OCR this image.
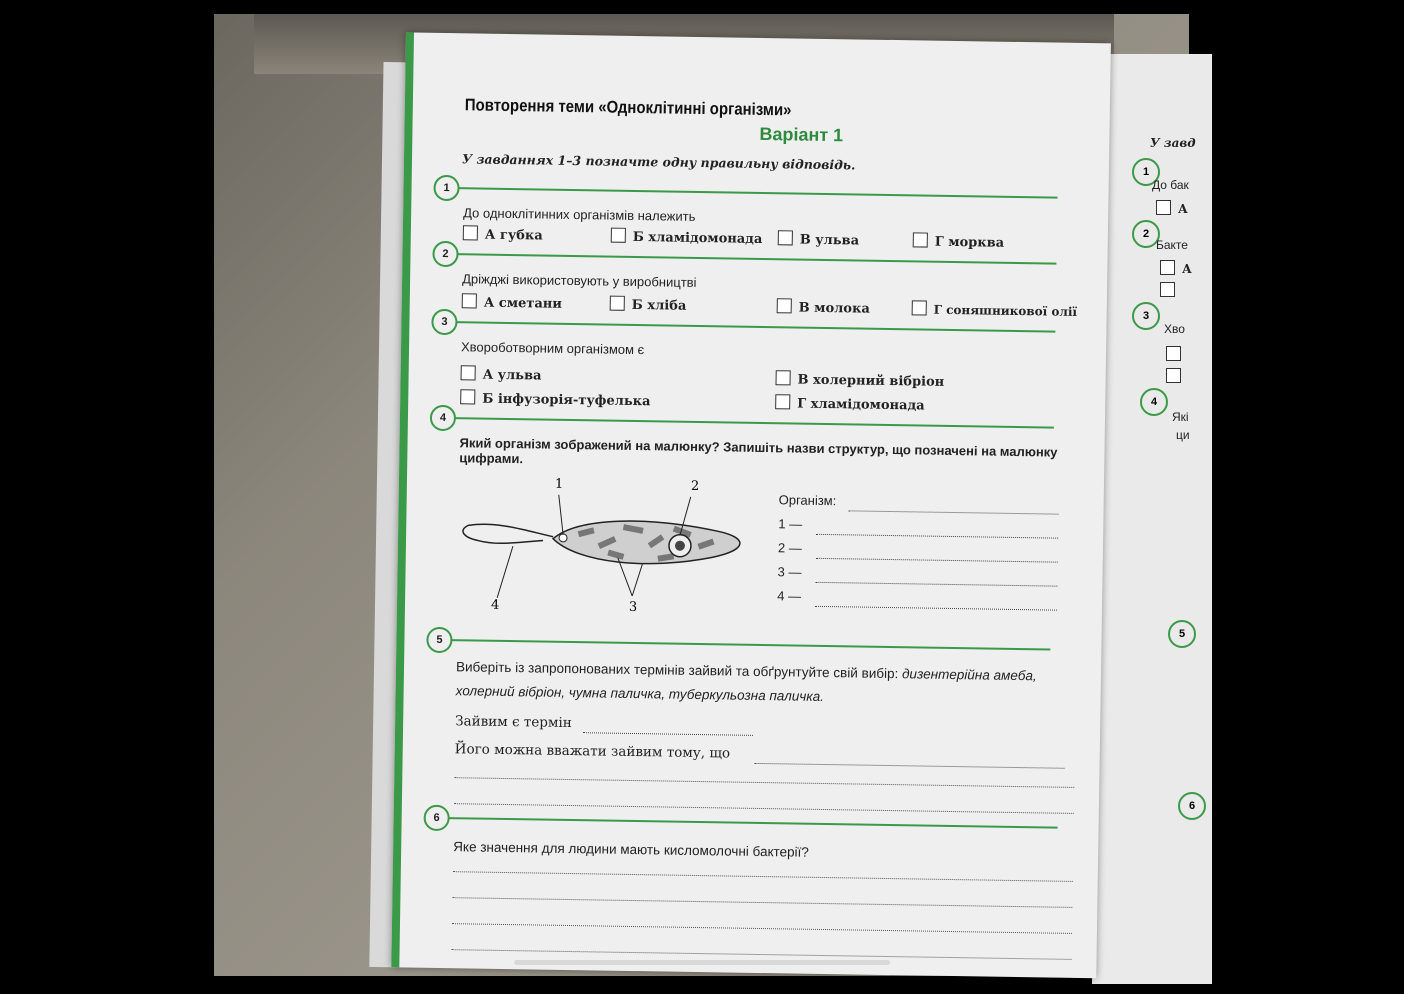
У завд
1
До бак
А
2
Бакте
А
3
Хво
4
Які
ци
5
6
Повторення теми «Одноклітинні організми»
Варіант 1
У завданнях 1–3 позначте одну правильну відповідь.
1
До одноклітинних організмів належить
А губка	Б хламідомонада	В ульва	Г морква
2
Дріжджі використовують у виробництві
А сметани	Б хліба	В молока	Г соняшникової олії
3
Хвороботворним організмом є
А ульва
Б інфузорія-туфелька
В холерний вібріон
Г хламідомонада
4
Який організм зображений на малюнку? Запишіть назви структур, що позначені на малюнку цифрами.
1	2
3
4
Організм:
1 —
2 —
3 —
4 —
5
Виберіть із запропонованих термінів зайвий та обґрунтуйте свій вибір: дизентерійна амеба, холерний вібріон, чумна паличка, туберкульозна паличка.
Зайвим є термін
Його можна вважати зайвим тому, що
6
Яке значення для людини мають кисломолочні бактерії?
